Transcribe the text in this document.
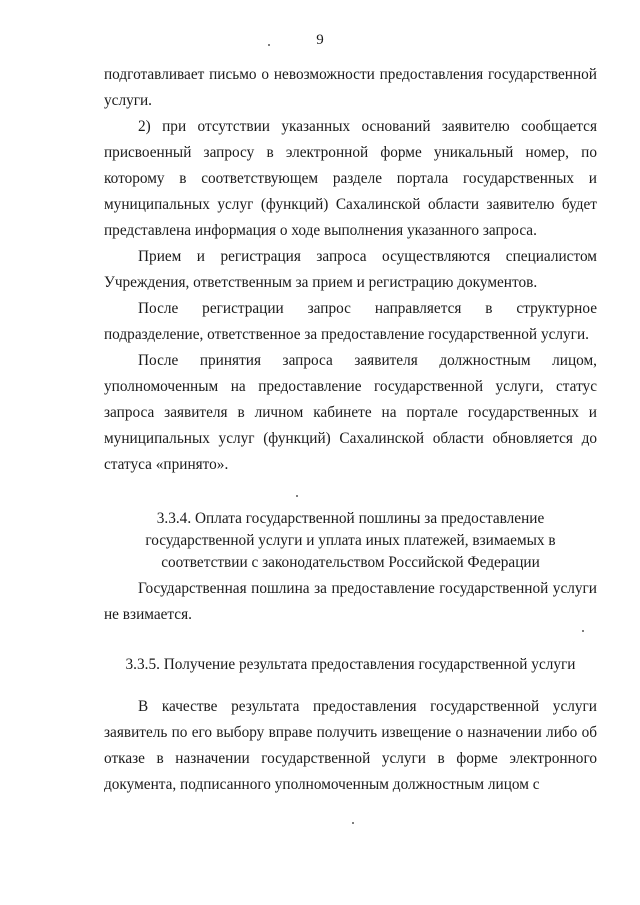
9

подготавливает письмо о невозможности предоставления государственной услуги.

2) при отсутствии указанных оснований заявителю сообщается присвоенный запросу в электронной форме уникальный номер, по которому в соответствующем разделе портала государственных и муниципальных услуг (функций) Сахалинской области заявителю будет представлена информация о ходе выполнения указанного запроса.

Прием и регистрация запроса осуществляются специалистом Учреждения, ответственным за прием и регистрацию документов.

После регистрации запрос направляется в структурное подразделение, ответственное за предоставление государственной услуги.

После принятия запроса заявителя должностным лицом, уполномоченным на предоставление государственной услуги, статус запроса заявителя в личном кабинете на портале государственных и муниципальных услуг (функций) Сахалинской области обновляется до статуса «принято».

3.3.4. Оплата государственной пошлины за предоставление
государственной услуги и уплата иных платежей, взимаемых в
соответствии с законодательством Российской Федерации

Государственная пошлина за предоставление государственной услуги не взимается.

3.3.5. Получение результата предоставления государственной услуги

В качестве результата предоставления государственной услуги заявитель по его выбору вправе получить извещение о назначении либо об отказе в назначении государственной услуги в форме электронного документа, подписанного уполномоченным должностным лицом с
